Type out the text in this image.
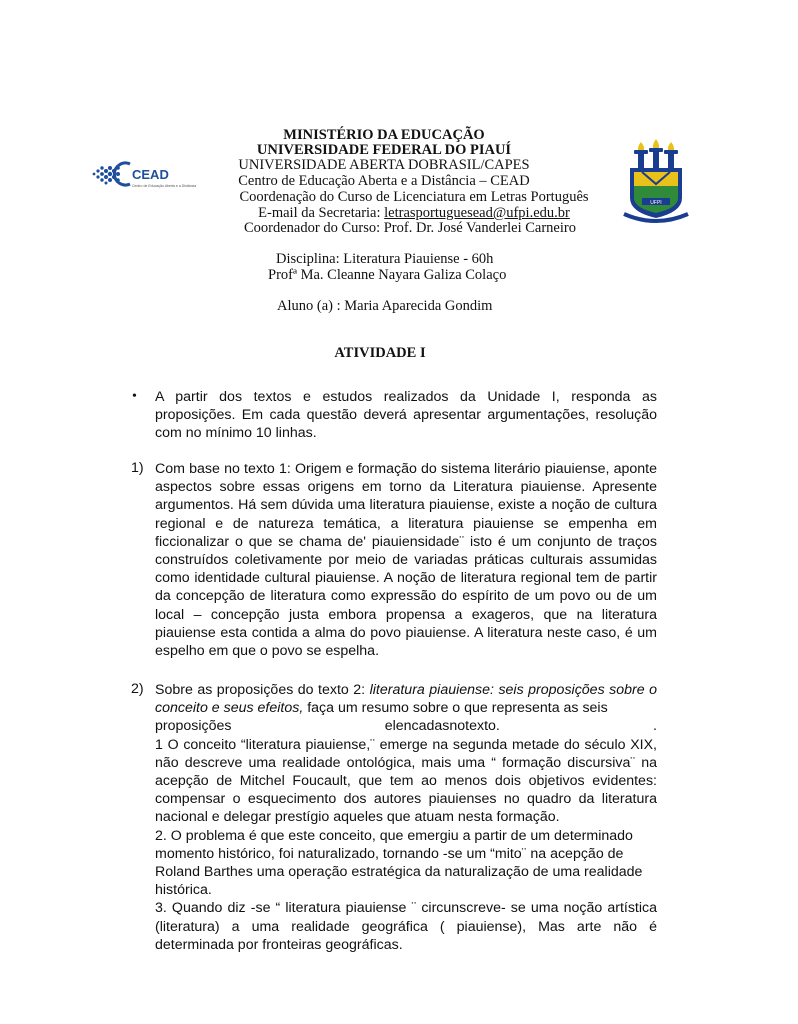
CEAD
Centro de Educação Aberta e a Distância
UFPI
MINISTÉRIO DA EDUCAÇÃO
UNIVERSIDADE FEDERAL DO PIAUÍ
UNIVERSIDADE ABERTA DOBRASIL/CAPES
Centro de Educação Aberta e a Distância – CEAD
Coordenação do Curso de Licenciatura em Letras Português
E-mail da Secretaria: letrasportuguesead@ufpi.edu.br
Coordenador do Curso: Prof. Dr. José Vanderlei Carneiro
Disciplina: Literatura Piauiense - 60h
Profª Ma. Cleanne Nayara Galiza Colaço
Aluno (a) : Maria Aparecida Gondim
ATIVIDADE I
• A partir dos textos e estudos realizados da Unidade I, responda as proposições. Em cada questão deverá apresentar argumentações, resolução com no mínimo 10 linhas.
1) Com base no texto 1: Origem e formação do sistema literário piauiense, aponte aspectos sobre essas origens em torno da Literatura piauiense. Apresente argumentos. Há sem dúvida uma literatura piauiense, existe a noção de cultura regional e de natureza temática, a literatura piauiense se empenha em ficcionalizar o que se chama de' piauiensidade¨ isto é um conjunto de traços construídos coletivamente por meio de variadas práticas culturais assumidas como identidade cultural piauiense. A noção de literatura regional tem de partir da concepção de literatura como expressão do espírito de um povo ou de um local – concepção justa embora propensa a exageros, que na literatura piauiense esta contida a alma do povo piauiense. A literatura neste caso, é um espelho em que o povo se espelha.
2) Sobre as proposições do texto 2: literatura piauiense: seis proposições sobre o conceito e seus efeitos, faça um resumo sobre o que representa as seis
proposições	elencadasnotexto.	.
1 O conceito “literatura piauiense,¨ emerge na segunda metade do século XIX, não descreve uma realidade ontológica, mais uma “ formação discursiva¨ na acepção de Mitchel Foucault, que tem ao menos dois objetivos evidentes: compensar o esquecimento dos autores piauienses no quadro da literatura nacional e delegar prestígio aqueles que atuam nesta formação.
2. O problema é que este conceito, que emergiu a partir de um determinado
momento histórico, foi naturalizado, tornando -se um “mito¨ na acepção de
Roland Barthes uma operação estratégica da naturalização de uma realidade
histórica.
3. Quando diz -se “ literatura piauiense ¨ circunscreve- se uma noção artística (literatura) a uma realidade geográfica ( piauiense), Mas arte não é determinada por fronteiras geográficas.
